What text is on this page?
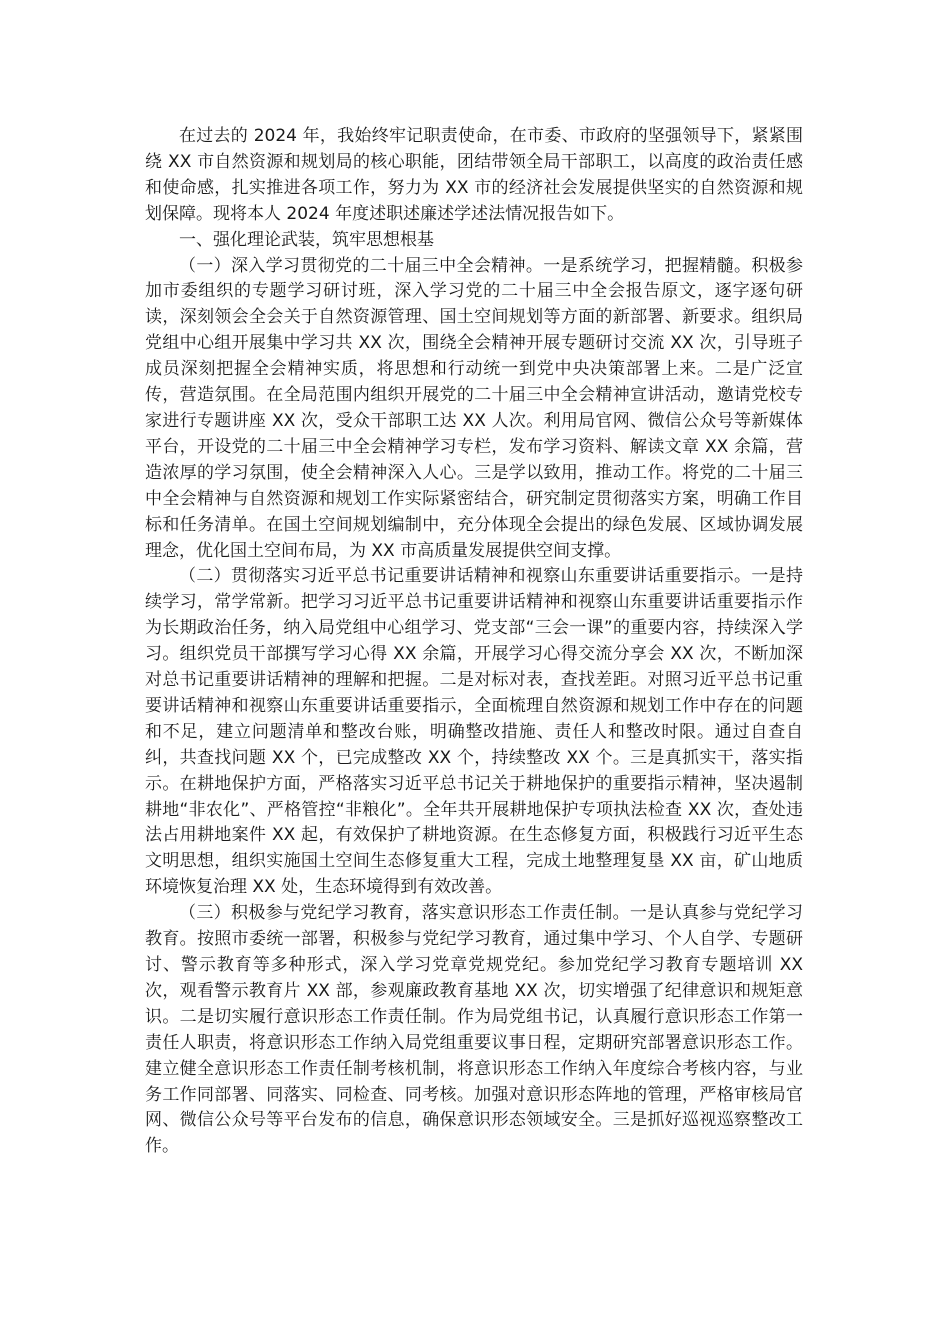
在过去的 2024 年，我始终牢记职责使命，在市委、市政府的坚强领导下，紧紧围绕 XX 市自然资源和规划局的核心职能，团结带领全局干部职工，以高度的政治责任感和使命感，扎实推进各项工作，努力为 XX 市的经济社会发展提供坚实的自然资源和规划保障。现将本人 2024 年度述职述廉述学述法情况报告如下。

一、强化理论武装，筑牢思想根基

（一）深入学习贯彻党的二十届三中全会精神。一是系统学习，把握精髓。积极参加市委组织的专题学习研讨班，深入学习党的二十届三中全会报告原文，逐字逐句研读，深刻领会全会关于自然资源管理、国土空间规划等方面的新部署、新要求。组织局党组中心组开展集中学习共 XX 次，围绕全会精神开展专题研讨交流 XX 次，引导班子成员深刻把握全会精神实质，将思想和行动统一到党中央决策部署上来。二是广泛宣传，营造氛围。在全局范围内组织开展党的二十届三中全会精神宣讲活动，邀请党校专家进行专题讲座 XX 次，受众干部职工达 XX 人次。利用局官网、微信公众号等新媒体平台，开设党的二十届三中全会精神学习专栏，发布学习资料、解读文章 XX 余篇，营造浓厚的学习氛围，使全会精神深入人心。三是学以致用，推动工作。将党的二十届三中全会精神与自然资源和规划工作实际紧密结合，研究制定贯彻落实方案，明确工作目标和任务清单。在国土空间规划编制中，充分体现全会提出的绿色发展、区域协调发展理念，优化国土空间布局，为 XX 市高质量发展提供空间支撑。

（二）贯彻落实习近平总书记重要讲话精神和视察山东重要讲话重要指示。一是持续学习，常学常新。把学习习近平总书记重要讲话精神和视察山东重要讲话重要指示作为长期政治任务，纳入局党组中心组学习、党支部“三会一课”的重要内容，持续深入学习。组织党员干部撰写学习心得 XX 余篇，开展学习心得交流分享会 XX 次，不断加深对总书记重要讲话精神的理解和把握。二是对标对表，查找差距。对照习近平总书记重要讲话精神和视察山东重要讲话重要指示，全面梳理自然资源和规划工作中存在的问题和不足，建立问题清单和整改台账，明确整改措施、责任人和整改时限。通过自查自纠，共查找问题 XX 个，已完成整改 XX 个，持续整改 XX 个。三是真抓实干，落实指示。在耕地保护方面，严格落实习近平总书记关于耕地保护的重要指示精神，坚决遏制耕地“非农化”、严格管控“非粮化”。全年共开展耕地保护专项执法检查 XX 次，查处违法占用耕地案件 XX 起，有效保护了耕地资源。在生态修复方面，积极践行习近平生态文明思想，组织实施国土空间生态修复重大工程，完成土地整理复垦 XX 亩，矿山地质环境恢复治理 XX 处，生态环境得到有效改善。

（三）积极参与党纪学习教育，落实意识形态工作责任制。一是认真参与党纪学习教育。按照市委统一部署，积极参与党纪学习教育，通过集中学习、个人自学、专题研讨、警示教育等多种形式，深入学习党章党规党纪。参加党纪学习教育专题培训 XX 次，观看警示教育片 XX 部，参观廉政教育基地 XX 次，切实增强了纪律意识和规矩意识。二是切实履行意识形态工作责任制。作为局党组书记，认真履行意识形态工作第一责任人职责，将意识形态工作纳入局党组重要议事日程，定期研究部署意识形态工作。建立健全意识形态工作责任制考核机制，将意识形态工作纳入年度综合考核内容，与业务工作同部署、同落实、同检查、同考核。加强对意识形态阵地的管理，严格审核局官网、微信公众号等平台发布的信息，确保意识形态领域安全。三是抓好巡视巡察整改工作。
